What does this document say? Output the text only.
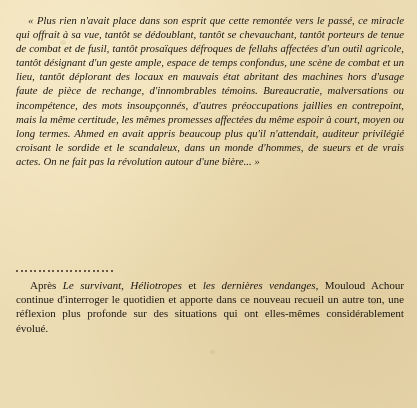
« Plus rien n'avait place dans son esprit que cette remontée vers le passé, ce miracle qui offrait à sa vue, tantôt se dédoublant, tantôt se chevauchant, tantôt porteurs de tenue de combat et de fusil, tantôt prosaïques défroques de fellahs affectées d'un outil agricole, tantôt désignant d'un geste ample, espace de temps confondus, une scène de combat et un lieu, tantôt déplorant des locaux en mauvais état abritant des machines hors d'usage faute de pièce de rechange, d'innombrables témoins. Bureaucratie, malversations ou incompétence, des mots insoupçonnés, d'autres préoccupations jaillies en contrepoint, mais la même certitude, les mêmes promesses affectées du même espoir à court, moyen ou long termes. Ahmed en avait appris beaucoup plus qu'il n'attendait, auditeur privilégié croisant le sordide et le scandaleux, dans un monde d'hommes, de sueurs et de vrais actes. On ne fait pas la révolution autour d'une bière... »

Après Le survivant, Héliotropes et les dernières vendanges, Mouloud Achour continue d'interroger le quotidien et apporte dans ce nouveau recueil un autre ton, une réflexion plus profonde sur des situations qui ont elles-mêmes considérablement évolué.
